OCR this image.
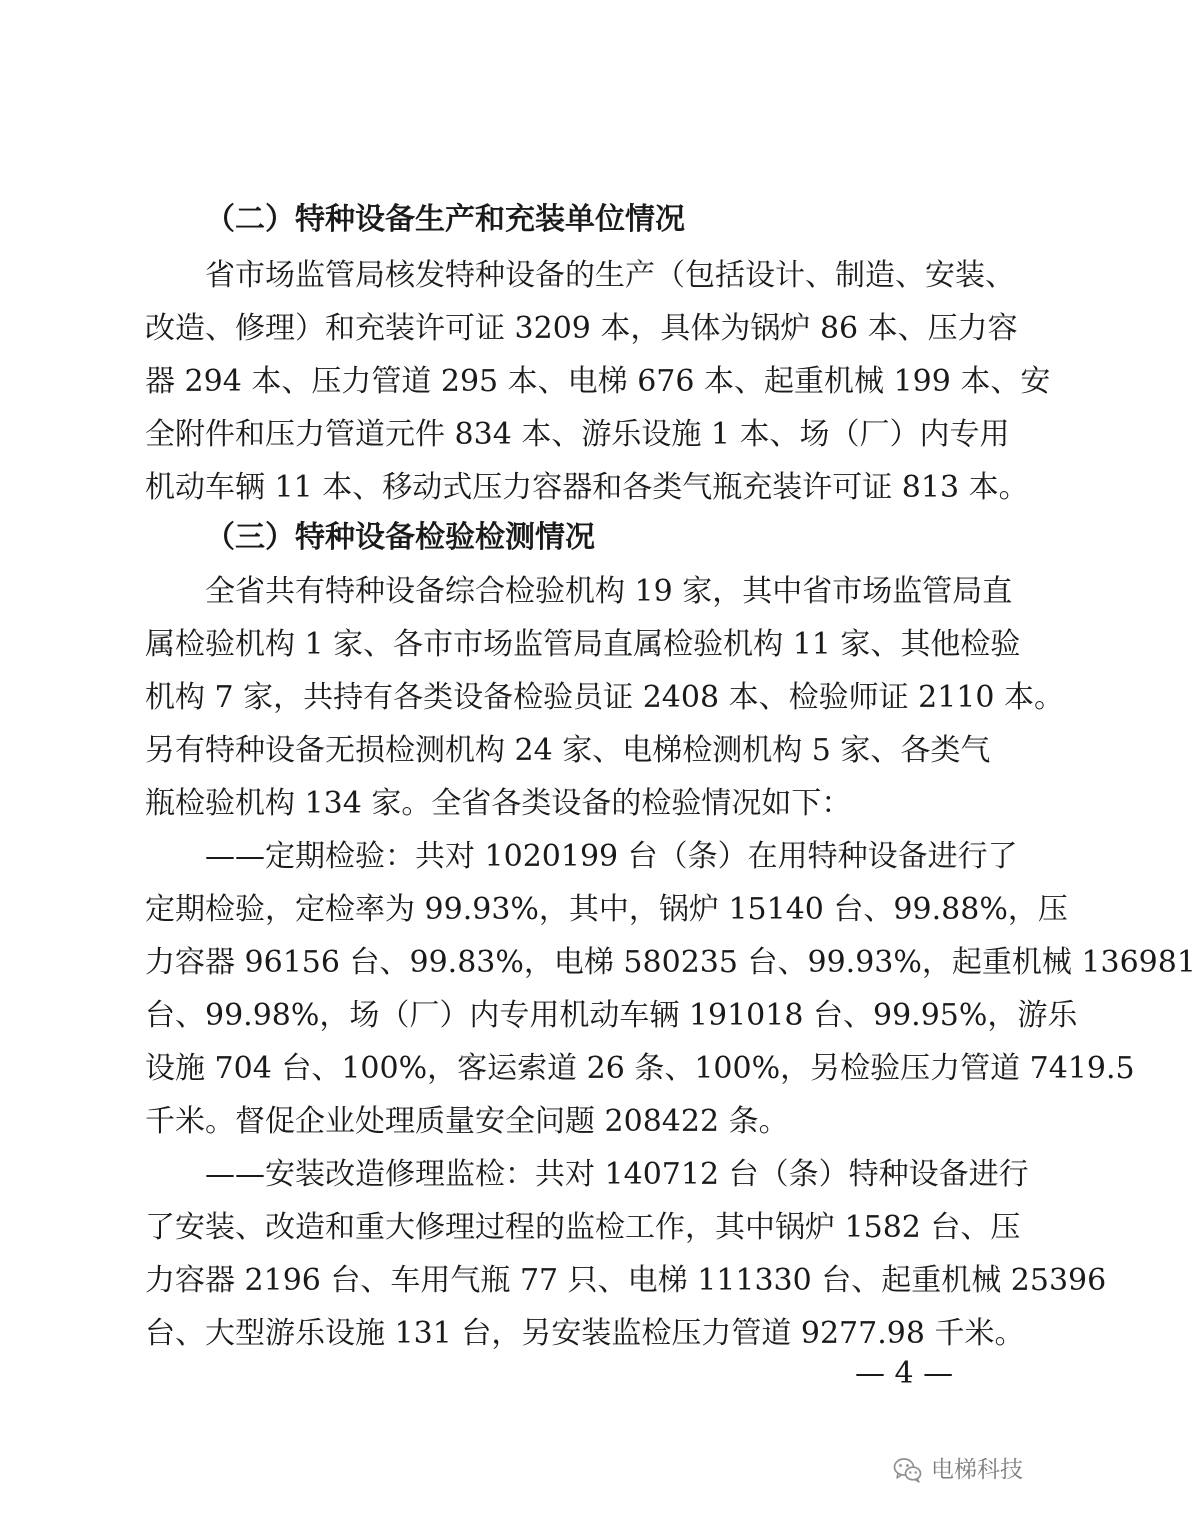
（二）特种设备生产和充装单位情况
省市场监管局核发特种设备的生产（包括设计、制造、安装、
改造、修理）和充装许可证 3209 本，具体为锅炉 86 本、压力容
器 294 本、压力管道 295 本、电梯 676 本、起重机械 199 本、安
全附件和压力管道元件 834 本、游乐设施 1 本、场（厂）内专用
机动车辆 11 本、移动式压力容器和各类气瓶充装许可证 813 本。
（三）特种设备检验检测情况
全省共有特种设备综合检验机构 19 家，其中省市场监管局直
属检验机构 1 家、各市市场监管局直属检验机构 11 家、其他检验
机构 7 家，共持有各类设备检验员证 2408 本、检验师证 2110 本。
另有特种设备无损检测机构 24 家、电梯检测机构 5 家、各类气
瓶检验机构 134 家。全省各类设备的检验情况如下：
——定期检验：共对 1020199 台（条）在用特种设备进行了
定期检验，定检率为 99.93%，其中，锅炉 15140 台、99.88%，压
力容器 96156 台、99.83%，电梯 580235 台、99.93%，起重机械 136981
台、99.98%，场（厂）内专用机动车辆 191018 台、99.95%，游乐
设施 704 台、100%，客运索道 26 条、100%，另检验压力管道 7419.5
千米。督促企业处理质量安全问题 208422 条。
——安装改造修理监检：共对 140712 台（条）特种设备进行
了安装、改造和重大修理过程的监检工作，其中锅炉 1582 台、压
力容器 2196 台、车用气瓶 77 只、电梯 111330 台、起重机械 25396
台、大型游乐设施 131 台，另安装监检压力管道 9277.98 千米。
— 4 —
电梯科技
